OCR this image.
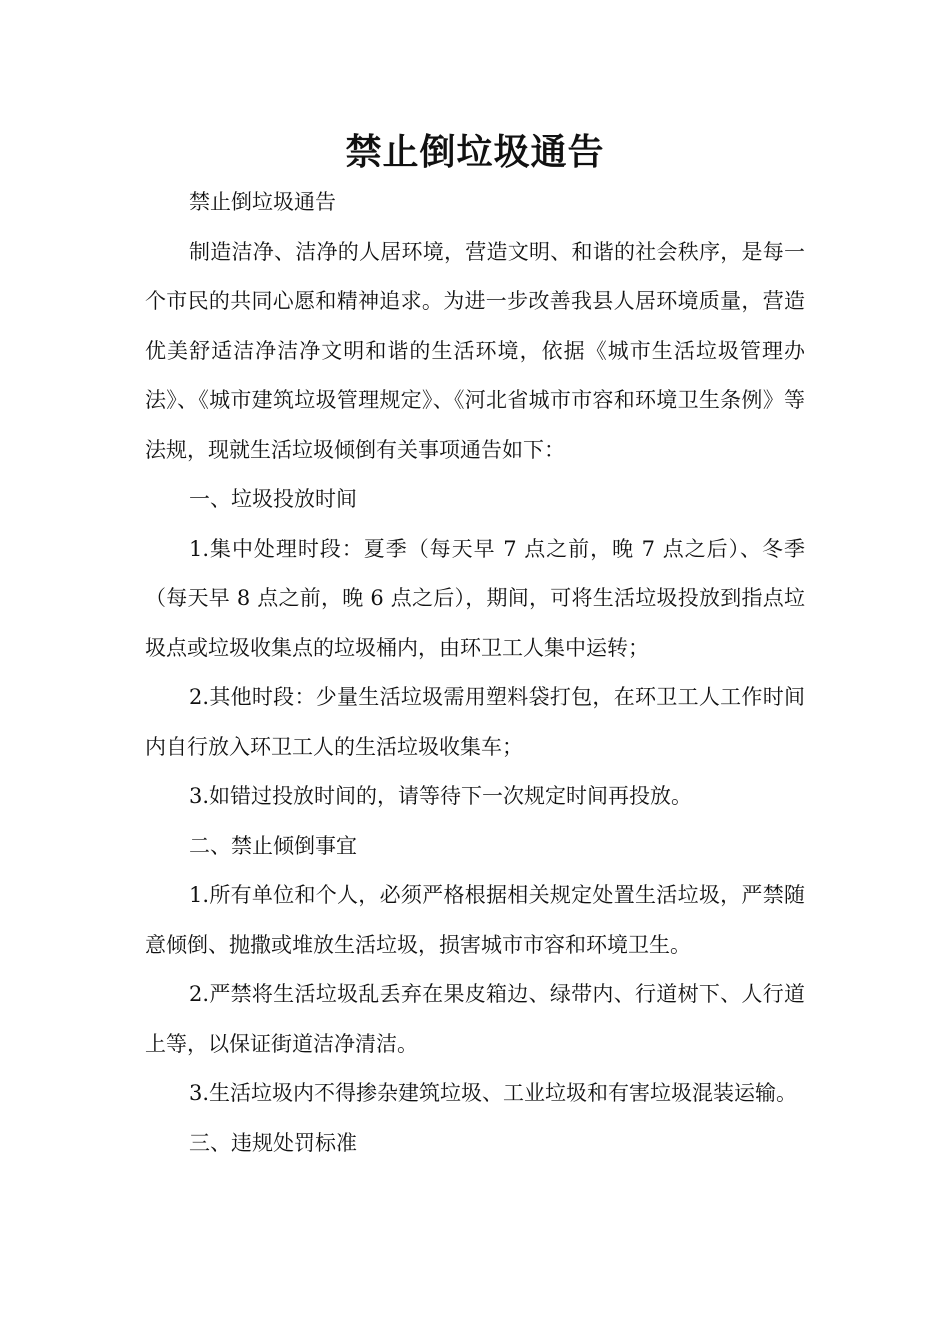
禁止倒垃圾通告

禁止倒垃圾通告

制造洁净、洁净的人居环境，营造文明、和谐的社会秩序，是每一个市民的共同心愿和精神追求。为进一步改善我县人居环境质量，营造优美舒适洁净洁净文明和谐的生活环境，依据《城市生活垃圾管理办法》、《城市建筑垃圾管理规定》、《河北省城市市容和环境卫生条例》等法规，现就生活垃圾倾倒有关事项通告如下：

一、垃圾投放时间

1.集中处理时段：夏季（每天早 7 点之前，晚 7 点之后）、冬季（每天早 8 点之前，晚 6 点之后），期间，可将生活垃圾投放到指点垃圾点或垃圾收集点的垃圾桶内，由环卫工人集中运转；

2.其他时段：少量生活垃圾需用塑料袋打包，在环卫工人工作时间内自行放入环卫工人的生活垃圾收集车；

3.如错过投放时间的，请等待下一次规定时间再投放。

二、禁止倾倒事宜

1.所有单位和个人，必须严格根据相关规定处置生活垃圾，严禁随意倾倒、抛撒或堆放生活垃圾，损害城市市容和环境卫生。

2.严禁将生活垃圾乱丢弃在果皮箱边、绿带内、行道树下、人行道上等，以保证街道洁净清洁。

3.生活垃圾内不得掺杂建筑垃圾、工业垃圾和有害垃圾混装运输。

三、违规处罚标准
